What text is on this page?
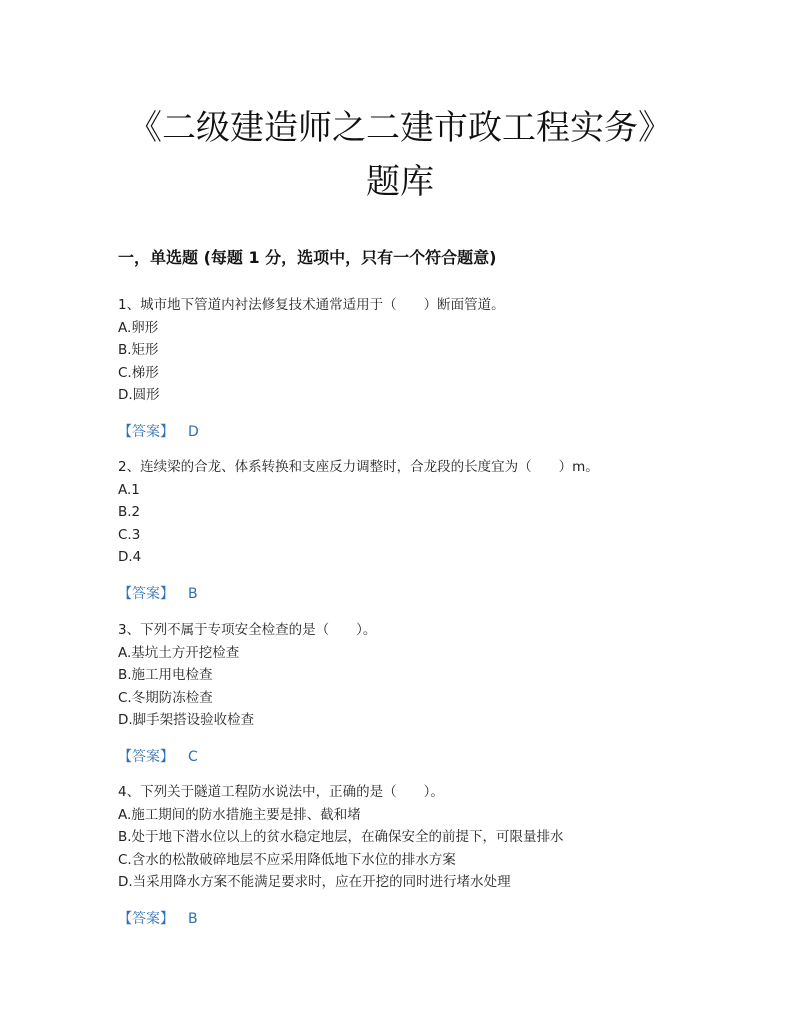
《二级建造师之二建市政工程实务》
题库
一，单选题 (每题 1 分，选项中，只有一个符合题意)
1、城市地下管道内衬法修复技术通常适用于（　　）断面管道。
A.卵形
B.矩形
C.梯形
D.圆形
【答案】 D
2、连续梁的合龙、体系转换和支座反力调整时，合龙段的长度宜为（　　）m。
A.1
B.2
C.3
D.4
【答案】 B
3、下列不属于专项安全检查的是（　　）。
A.基坑土方开挖检查
B.施工用电检查
C.冬期防冻检查
D.脚手架搭设验收检查
【答案】 C
4、下列关于隧道工程防水说法中，正确的是（　　）。
A.施工期间的防水措施主要是排、截和堵
B.处于地下潜水位以上的贫水稳定地层，在确保安全的前提下，可限量排水
C.含水的松散破碎地层不应采用降低地下水位的排水方案
D.当采用降水方案不能满足要求时，应在开挖的同时进行堵水处理
【答案】 B
